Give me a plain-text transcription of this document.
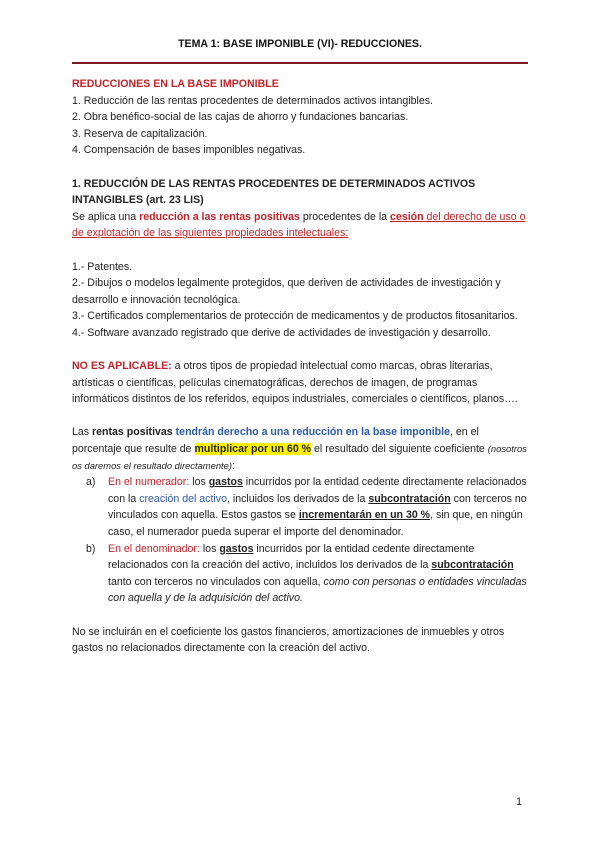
TEMA 1: BASE IMPONIBLE (VI)- REDUCCIONES.

REDUCCIONES EN LA BASE IMPONIBLE

1. Reducción de las rentas procedentes de determinados activos intangibles.

2. Obra benéfico-social de las cajas de ahorro y fundaciones bancarias.

3. Reserva de capitalización.

4. Compensación de bases imponibles negativas.

1. REDUCCIÓN DE LAS RENTAS PROCEDENTES DE DETERMINADOS ACTIVOS INTANGIBLES (art. 23 LIS)

Se aplica una reducción a las rentas positivas procedentes de la cesión del derecho de uso o de explotación de las siguientes propiedades intelectuales:

1.- Patentes.

2.- Dibujos o modelos legalmente protegidos, que deriven de actividades de investigación y desarrollo e innovación tecnológica.

3.- Certificados complementarios de protección de medicamentos y de productos fitosanitarios.

4.- Software avanzado registrado que derive de actividades de investigación y desarrollo.

NO ES APLICABLE: a otros tipos de propiedad intelectual como marcas, obras literarias, artísticas o científicas, películas cinematográficas, derechos de imagen, de programas informáticos distintos de los referidos, equipos industriales, comerciales o científicos, planos….

Las rentas positivas tendrán derecho a una reducción en la base imponible, en el porcentaje que resulte de multiplicar por un 60 % el resultado del siguiente coeficiente (nosotros os daremos el resultado directamente):

a) En el numerador: los gastos incurridos por la entidad cedente directamente relacionados con la creación del activo, incluidos los derivados de la subcontratación con terceros no vinculados con aquella. Estos gastos se incrementarán en un 30 %, sin que, en ningún caso, el numerador pueda superar el importe del denominador.
b) En el denominador: los gastos incurridos por la entidad cedente directamente relacionados con la creación del activo, incluidos los derivados de la subcontratación tanto con terceros no vinculados con aquella, como con personas o entidades vinculadas con aquella y de la adquisición del activo.

No se incluirán en el coeficiente los gastos financieros, amortizaciones de inmuebles y otros gastos no relacionados directamente con la creación del activo.

1
